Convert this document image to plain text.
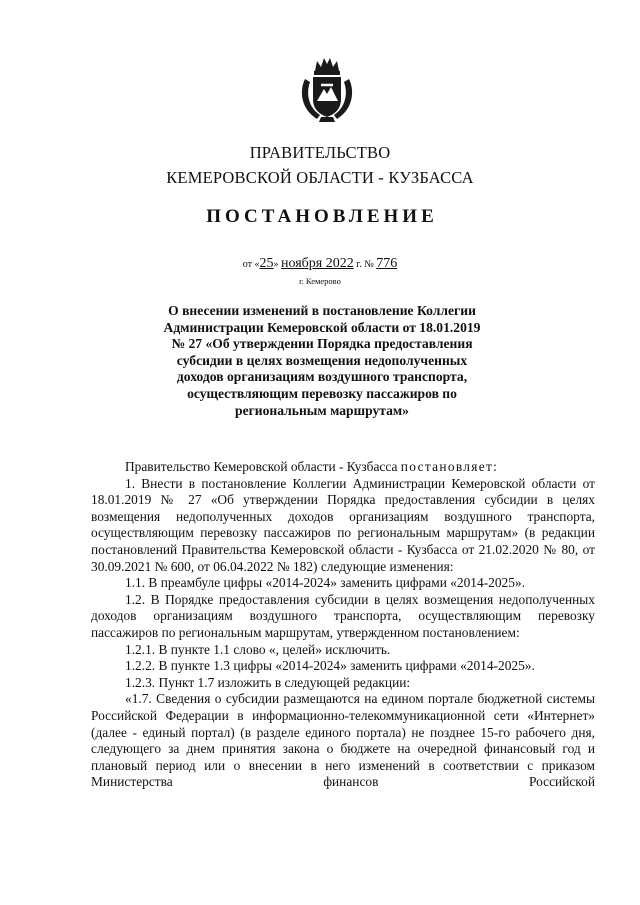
ПРАВИТЕЛЬСТВО
КЕМЕРОВСКОЙ ОБЛАСТИ - КУЗБАССА
ПОСТАНОВЛЕНИЕ
от «25» ноября 2022 г. № 776
г. Кемерово
О внесении изменений в постановление Коллегии
Администрации Кемеровской области от 18.01.2019
№ 27 «Об утверждении Порядка предоставления
субсидии в целях возмещения недополученных
доходов организациям воздушного транспорта,
осуществляющим перевозку пассажиров по
региональным маршрутам»

Правительство Кемеровской области - Кузбасса постановляет:

1. Внести в постановление Коллегии Администрации Кемеровской области от 18.01.2019 № 27 «Об утверждении Порядка предоставления субсидии в целях возмещения недополученных доходов организациям воздушного транспорта, осуществляющим перевозку пассажиров по региональным маршрутам» (в редакции постановлений Правительства Кемеровской области - Кузбасса от 21.02.2020 № 80, от 30.09.2021 № 600, от 06.04.2022 № 182) следующие изменения:

1.1. В преамбуле цифры «2014-2024» заменить цифрами «2014-2025».

1.2. В Порядке предоставления субсидии в целях возмещения недополученных доходов организациям воздушного транспорта, осуществляющим перевозку пассажиров по региональным маршрутам, утвержденном постановлением:

1.2.1. В пункте 1.1 слово «, целей» исключить.

1.2.2. В пункте 1.3 цифры «2014-2024» заменить цифрами «2014-2025».

1.2.3. Пункт 1.7 изложить в следующей редакции:

«1.7. Сведения о субсидии размещаются на едином портале бюджетной системы Российской Федерации в информационно-телекоммуникационной сети «Интернет» (далее - единый портал) (в разделе единого портала) не позднее 15-го рабочего дня, следующего за днем принятия закона о бюджете на очередной финансовый год и плановый период или о внесении в него изменений в соответствии с приказом Министерства финансов Российской
